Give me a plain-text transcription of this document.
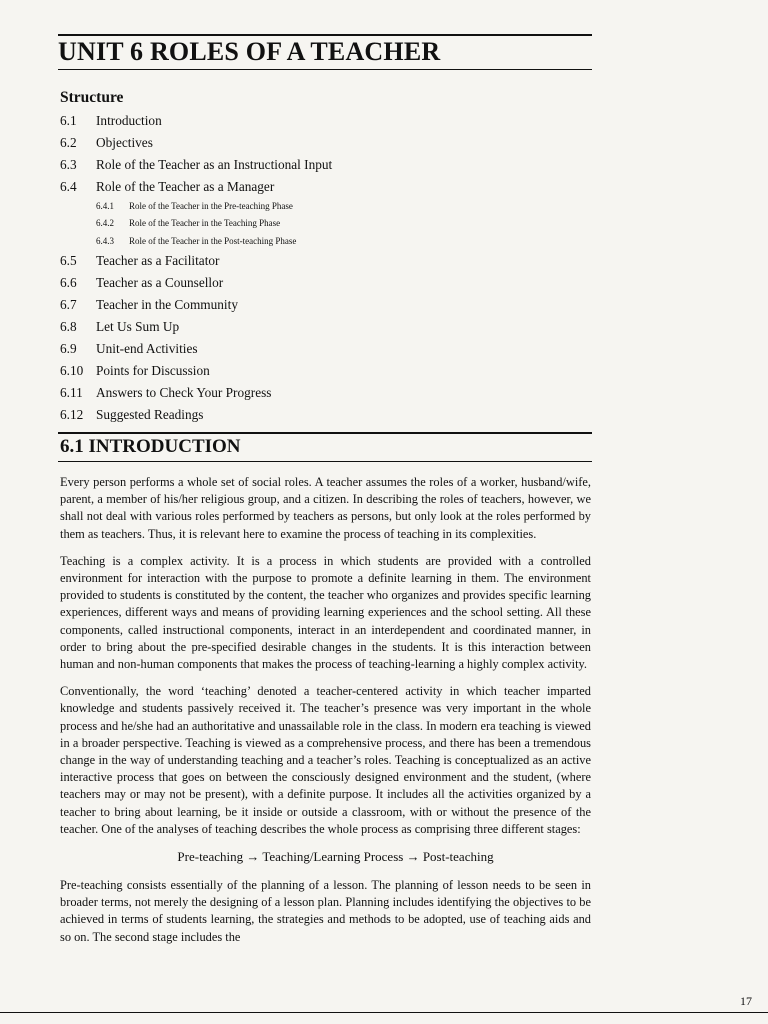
UNIT 6 ROLES OF A TEACHER
Structure
6.1 Introduction
6.2 Objectives
6.3 Role of the Teacher as an Instructional Input
6.4 Role of the Teacher as a Manager
6.4.1 Role of the Teacher in the Pre-teaching Phase
6.4.2 Role of the Teacher in the Teaching Phase
6.4.3 Role of the Teacher in the Post-teaching Phase
6.5 Teacher as a Facilitator
6.6 Teacher as a Counsellor
6.7 Teacher in the Community
6.8 Let Us Sum Up
6.9 Unit-end Activities
6.10 Points for Discussion
6.11 Answers to Check Your Progress
6.12 Suggested Readings
6.1 INTRODUCTION

Every person performs a whole set of social roles. A teacher assumes the roles of a worker, husband/wife, parent, a member of his/her religious group, and a citizen. In describing the roles of teachers, however, we shall not deal with various roles performed by teachers as persons, but only look at the roles performed by them as teachers. Thus, it is relevant here to examine the process of teaching in its complexities.

Teaching is a complex activity. It is a process in which students are provided with a controlled environment for interaction with the purpose to promote a definite learning in them. The environment provided to students is constituted by the content, the teacher who organizes and provides specific learning experiences, different ways and means of providing learning experiences and the school setting. All these components, called instructional components, interact in an interdependent and coordinated manner, in order to bring about the pre-specified desirable changes in the students. It is this interaction between human and non-human components that makes the process of teaching-learning a highly complex activity.

Conventionally, the word ‘teaching’ denoted a teacher-centered activity in which teacher imparted knowledge and students passively received it. The teacher’s presence was very important in the whole process and he/she had an authoritative and unassailable role in the class. In modern era teaching is viewed in a broader perspective. Teaching is viewed as a comprehensive process, and there has been a tremendous change in the way of understanding teaching and a teacher’s roles. Teaching is conceptualized as an active interactive process that goes on between the consciously designed environment and the student, (where teachers may or may not be present), with a definite purpose. It includes all the activities organized by a teacher to bring about learning, be it inside or outside a classroom, with or without the presence of the teacher. One of the analyses of teaching describes the whole process as comprising three different stages:

Pre-teaching → Teaching/Learning Process → Post-teaching

Pre-teaching consists essentially of the planning of a lesson. The planning of lesson needs to be seen in broader terms, not merely the designing of a lesson plan. Planning includes identifying the objectives to be achieved in terms of students learning, the strategies and methods to be adopted, use of teaching aids and so on. The second stage includes the

17
